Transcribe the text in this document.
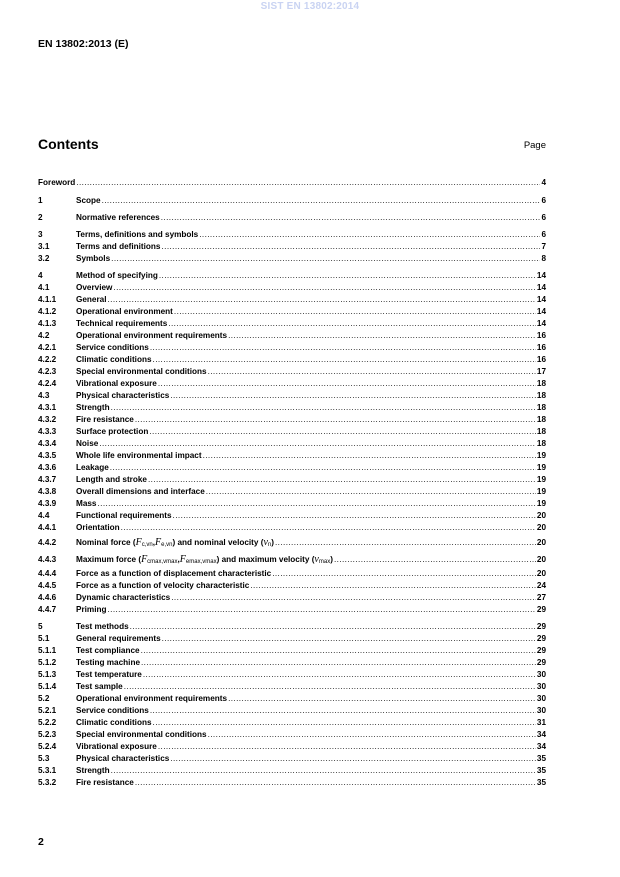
SIST EN 13802:2014
EN 13802:2013 (E)
Contents	Page
Foreword .....	4
1	Scope .....	6
2	Normative references .....	6
3	Terms, definitions and symbols .....	6
3.1	Terms and definitions .....	7
3.2	Symbols .....	8
4	Method of specifying .....	14
4.1	Overview .....	14
4.1.1	General .....	14
4.1.2	Operational environment .....	14
4.1.3	Technical requirements .....	14
4.2	Operational environment requirements .....	16
4.2.1	Service conditions .....	16
4.2.2	Climatic conditions .....	16
4.2.3	Special environmental conditions .....	17
4.2.4	Vibrational exposure .....	18
4.3	Physical characteristics .....	18
4.3.1	Strength .....	18
4.3.2	Fire resistance .....	18
4.3.3	Surface protection .....	18
4.3.4	Noise .....	18
4.3.5	Whole life environmental impact .....	19
4.3.6	Leakage .....	19
4.3.7	Length and stroke .....	19
4.3.8	Overall dimensions and interface .....	19
4.3.9	Mass .....	19
4.4	Functional requirements .....	20
4.4.1	Orientation .....	20
4.4.2	Nominal force (Fc,vn,Fe,vn) and nominal velocity (vn) .....	20
4.4.3	Maximum force (Fcmax,vmax,Femax,vmax) and maximum velocity (vmax) .....	20
4.4.4	Force as a function of displacement characteristic .....	20
4.4.5	Force as a function of velocity characteristic .....	24
4.4.6	Dynamic characteristics .....	27
4.4.7	Priming .....	29
5	Test methods .....	29
5.1	General requirements .....	29
5.1.1	Test compliance .....	29
5.1.2	Testing machine .....	29
5.1.3	Test temperature .....	30
5.1.4	Test sample .....	30
5.2	Operational environment requirements .....	30
5.2.1	Service conditions .....	30
5.2.2	Climatic conditions .....	31
5.2.3	Special environmental conditions .....	34
5.2.4	Vibrational exposure .....	34
5.3	Physical characteristics .....	35
5.3.1	Strength .....	35
5.3.2	Fire resistance .....	35
2
